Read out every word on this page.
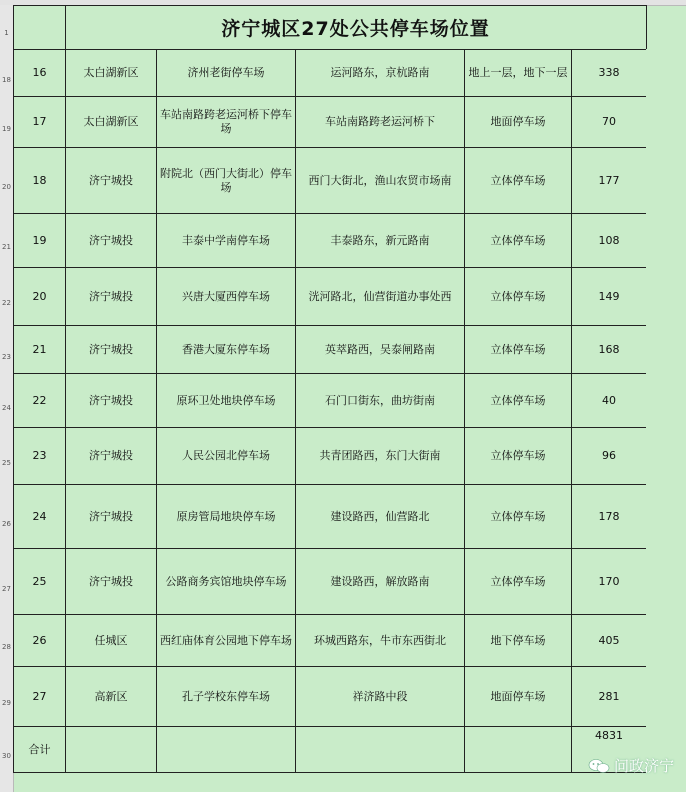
1
18
19
20
21
22
23
24
25
26
27
28
29
30
济宁城区27处公共停车场位置

16	太白湖新区	济州老街停车场	运河路东，京杭路南	地上一层，地下一层	338
17	太白湖新区	车站南路跨老运河桥下停车场	车站南路跨老运河桥下	地面停车场	70
18	济宁城投	附院北（西门大街北）停车场	西门大街北，渔山农贸市场南	立体停车场	177
19	济宁城投	丰泰中学南停车场	丰泰路东，新元路南	立体停车场	108
20	济宁城投	兴唐大厦西停车场	洸河路北，仙营街道办事处西	立体停车场	149
21	济宁城投	香港大厦东停车场	英萃路西，吴泰闸路南	立体停车场	168
22	济宁城投	原环卫处地块停车场	石门口街东，曲坊街南	立体停车场	40
23	济宁城投	人民公园北停车场	共青团路西，东门大街南	立体停车场	96
24	济宁城投	原房管局地块停车场	建设路西，仙营路北	立体停车场	178
25	济宁城投	公路商务宾馆地块停车场	建设路西，解放路南	立体停车场	170
26	任城区	西红庙体育公园地下停车场	环城西路东，牛市东西街北	地下停车场	405
27	高新区	孔子学校东停车场	祥济路中段	地面停车场	281
合计					4831
问政济宁
